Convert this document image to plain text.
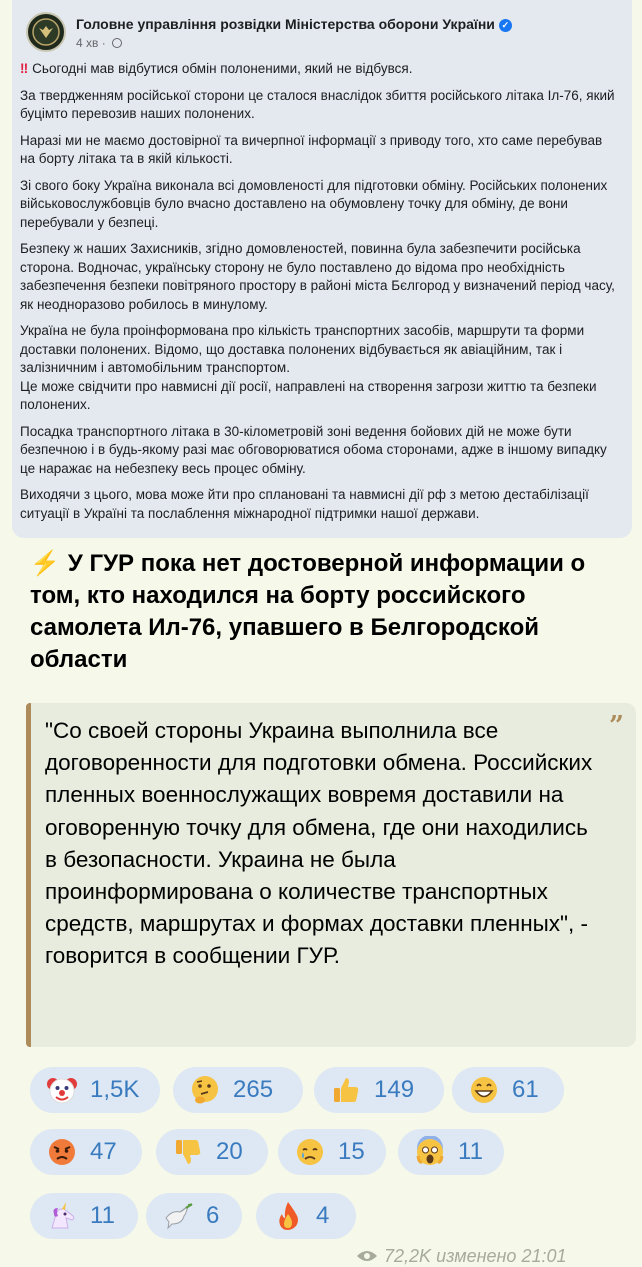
Головне управління розвідки Міністерства оборони України ✓
4 хв ·

‼ Сьогодні мав відбутися обмін полоненими, який не відбувся.

За твердженням російської сторони це сталося внаслідок збиття російського літака Іл-76, який буцімто перевозив наших полонених.

Наразі ми не маємо достовірної та вичерпної інформації з приводу того, хто саме перебував на борту літака та в якій кількості.

Зі свого боку Україна виконала всі домовленості для підготовки обміну. Російських полонених військовослужбовців було вчасно доставлено на обумовлену точку для обміну, де вони перебували у безпеці.

Безпеку ж наших Захисників, згідно домовленостей, повинна була забезпечити російська сторона. Водночас, українську сторону не було поставлено до відома про необхідність забезпечення безпеки повітряного простору в районі міста Бєлгород у визначений період часу, як неодноразово робилось в минулому.

Україна не була проінформована про кількість транспортних засобів, маршрути та форми доставки полонених. Відомо, що доставка полонених відбувається як авіаційним, так і залізничним і автомобільним транспортом.
Це може свідчити про навмисні дії росії, направлені на створення загрози життю та безпеки полонених.

Посадка транспортного літака в 30-кілометровій зоні ведення бойових дій не може бути безпечною і в будь-якому разі має обговорюватися обома сторонами, адже в іншому випадку це наражає на небезпеку весь процес обміну.

Виходячи з цього, мова може йти про сплановані та навмисні дії рф з метою дестабілізації ситуації в Україні та послаблення міжнародної підтримки нашої держави.

⚡ У ГУР пока нет достоверной информации о том, кто находился на борту российского самолета Ил-76, упавшего в Белгородской области
"Со своей стороны Украина выполнила все договоренности для подготовки обмена. Российских пленных военнослужащих вовремя доставили на оговоренную точку для обмена, где они находились в безопасности. Украина не была проинформирована о количестве транспортных средств, маршрутах и формах доставки пленных", - говорится в сообщении ГУР.
”
1,5K	265	149	61
47	20	15	11
11	6	4
72,2K изменено 21:01
